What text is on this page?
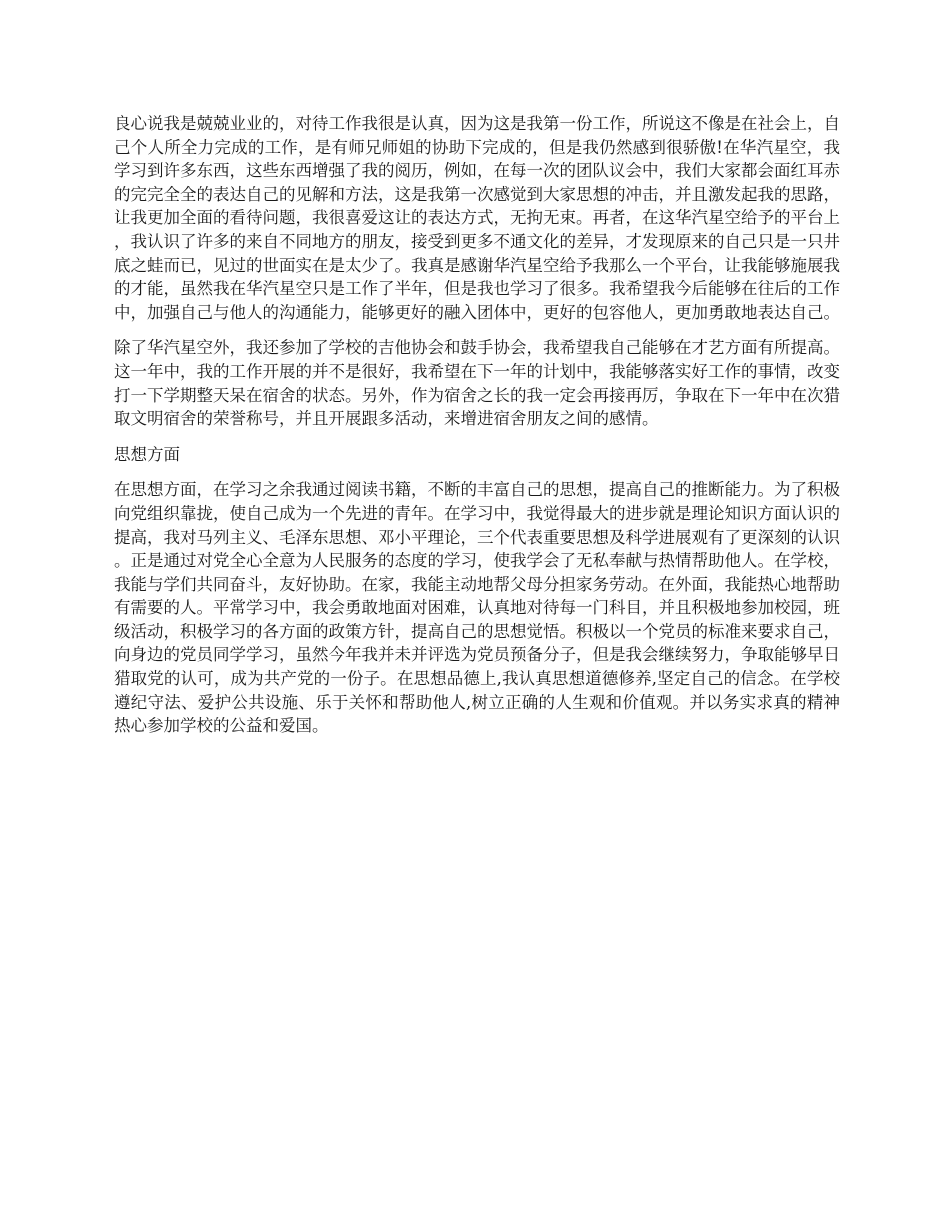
良心说我是兢兢业业的，对待工作我很是认真，因为这是我第一份工作，所说这不像是在社会上，自己个人所全力完成的工作，是有师兄师姐的协助下完成的，但是我仍然感到很骄傲!在华汽星空，我学习到许多东西，这些东西增强了我的阅历，例如，在每一次的团队议会中，我们大家都会面红耳赤的完完全全的表达自己的见解和方法，这是我第一次感觉到大家思想的冲击，并且激发起我的思路，让我更加全面的看待问题，我很喜爱这让的表达方式，无拘无束。再者，在这华汽星空给予的平台上，我认识了许多的来自不同地方的朋友，接受到更多不通文化的差异，才发现原来的自己只是一只井底之蛙而已，见过的世面实在是太少了。我真是感谢华汽星空给予我那么一个平台，让我能够施展我的才能，虽然我在华汽星空只是工作了半年，但是我也学习了很多。我希望我今后能够在往后的工作中，加强自己与他人的沟通能力，能够更好的融入团体中，更好的包容他人，更加勇敢地表达自己。

除了华汽星空外，我还参加了学校的吉他协会和鼓手协会，我希望我自己能够在才艺方面有所提高。这一年中，我的工作开展的并不是很好，我希望在下一年的计划中，我能够落实好工作的事情，改变打一下学期整天呆在宿舍的状态。另外，作为宿舍之长的我一定会再接再厉，争取在下一年中在次猎取文明宿舍的荣誉称号，并且开展跟多活动，来增进宿舍朋友之间的感情。

思想方面

在思想方面，在学习之余我通过阅读书籍，不断的丰富自己的思想，提高自己的推断能力。为了积极向党组织靠拢，使自己成为一个先进的青年。在学习中，我觉得最大的进步就是理论知识方面认识的提高，我对马列主义、毛泽东思想、邓小平理论，三个代表重要思想及科学进展观有了更深刻的认识。正是通过对党全心全意为人民服务的态度的学习，使我学会了无私奉献与热情帮助他人。在学校，我能与学们共同奋斗，友好协助。在家，我能主动地帮父母分担家务劳动。在外面，我能热心地帮助有需要的人。平常学习中，我会勇敢地面对困难，认真地对待每一门科目，并且积极地参加校园，班级活动，积极学习的各方面的政策方针，提高自己的思想觉悟。积极以一个党员的标准来要求自己，向身边的党员同学学习，虽然今年我并未并评选为党员预备分子，但是我会继续努力，争取能够早日猎取党的认可，成为共产党的一份子。在思想品德上,我认真思想道德修养,坚定自己的信念。在学校遵纪守法、爱护公共设施、乐于关怀和帮助他人,树立正确的人生观和价值观。并以务实求真的精神热心参加学校的公益和爱国。
